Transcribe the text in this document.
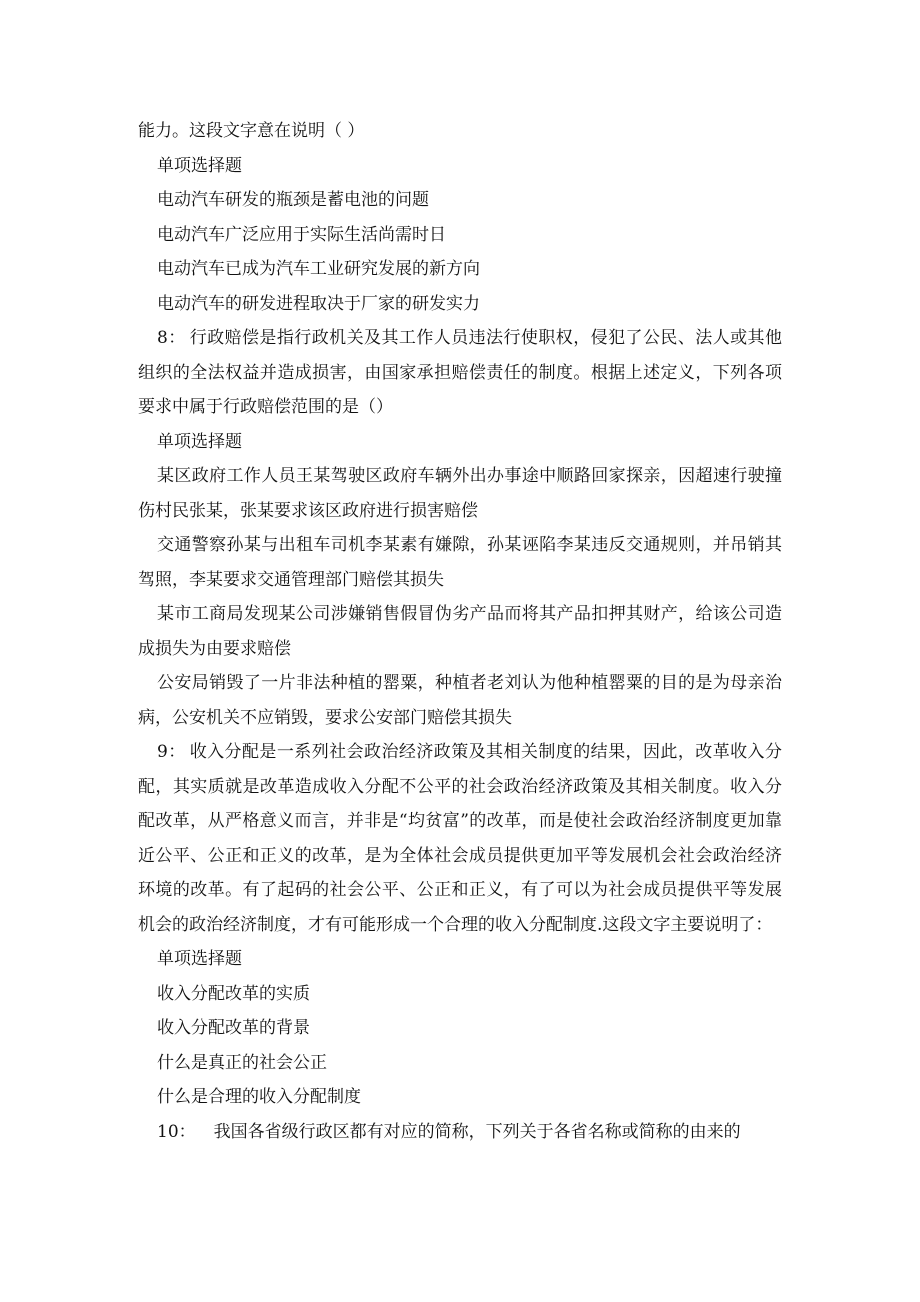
能力。这段文字意在说明（ ）

单项选择题

电动汽车研发的瓶颈是蓄电池的问题

电动汽车广泛应用于实际生活尚需时日

电动汽车已成为汽车工业研究发展的新方向

电动汽车的研发进程取决于厂家的研发实力

8： 行政赔偿是指行政机关及其工作人员违法行使职权，侵犯了公民、法人或其他组织的全法权益并造成损害，由国家承担赔偿责任的制度。根据上述定义，下列各项要求中属于行政赔偿范围的是（）

单项选择题

某区政府工作人员王某驾驶区政府车辆外出办事途中顺路回家探亲，因超速行驶撞伤村民张某，张某要求该区政府进行损害赔偿

交通警察孙某与出租车司机李某素有嫌隙，孙某诬陷李某违反交通规则，并吊销其驾照，李某要求交通管理部门赔偿其损失

某市工商局发现某公司涉嫌销售假冒伪劣产品而将其产品扣押其财产，给该公司造成损失为由要求赔偿

公安局销毁了一片非法种植的罂粟，种植者老刘认为他种植罂粟的目的是为母亲治病，公安机关不应销毁，要求公安部门赔偿其损失

9： 收入分配是一系列社会政治经济政策及其相关制度的结果，因此，改革收入分配，其实质就是改革造成收入分配不公平的社会政治经济政策及其相关制度。收入分配改革，从严格意义而言，并非是“均贫富”的改革，而是使社会政治经济制度更加靠近公平、公正和正义的改革，是为全体社会成员提供更加平等发展机会社会政治经济环境的改革。有了起码的社会公平、公正和正义，有了可以为社会成员提供平等发展机会的政治经济制度，才有可能形成一个合理的收入分配制度.这段文字主要说明了：

单项选择题

收入分配改革的实质

收入分配改革的背景

什么是真正的社会公正

什么是合理的收入分配制度

10： 我国各省级行政区都有对应的简称，下列关于各省名称或简称的由来的
